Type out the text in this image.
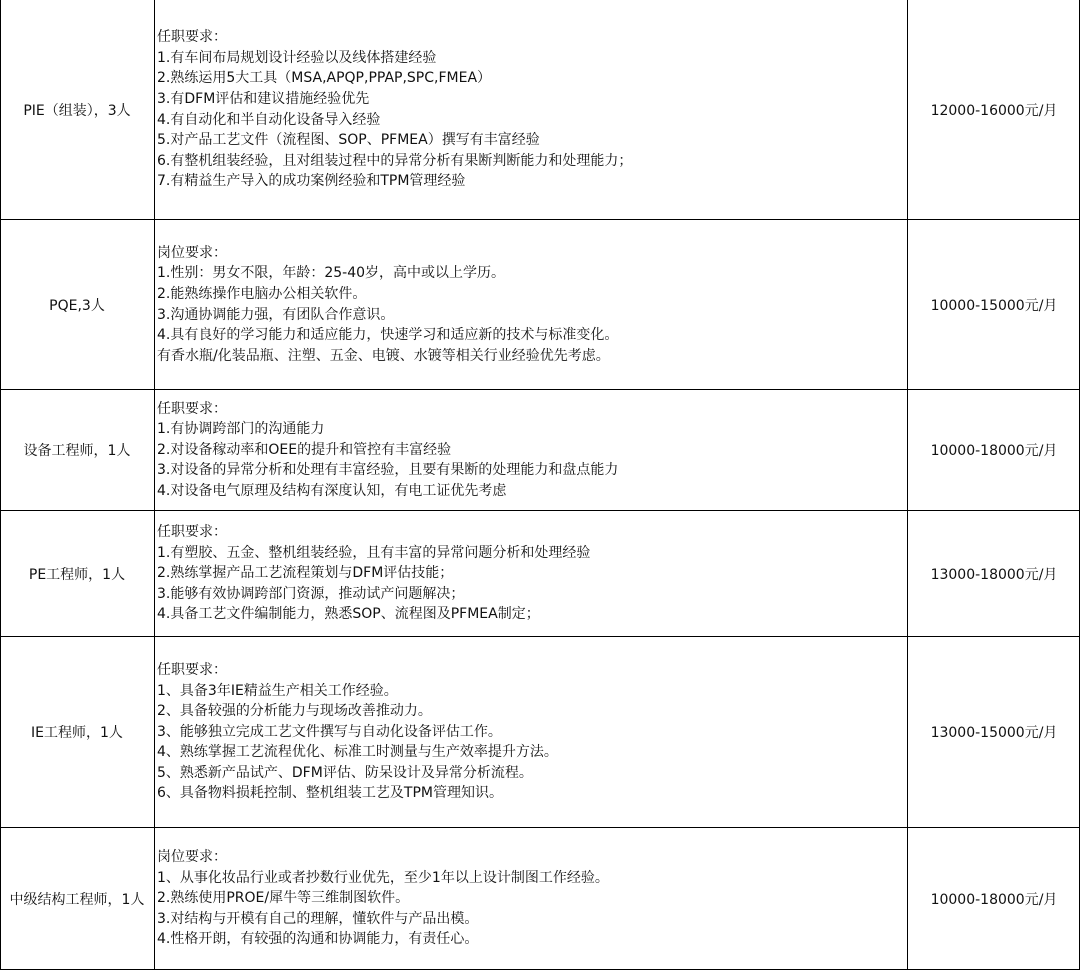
PIE（组装），3人
任职要求：
1.有车间布局规划设计经验以及线体搭建经验
2.熟练运用5大工具（MSA,APQP,PPAP,SPC,FMEA）
3.有DFM评估和建议措施经验优先
4.有自动化和半自动化设备导入经验
5.对产品工艺文件（流程图、SOP、PFMEA）撰写有丰富经验
6.有整机组装经验，且对组装过程中的异常分析有果断判断能力和处理能力；
7.有精益生产导入的成功案例经验和TPM管理经验
12000-16000元/月
PQE,3人
岗位要求：
1.性别：男女不限，年龄：25-40岁，高中或以上学历。
2.能熟练操作电脑办公相关软件。
3.沟通协调能力强，有团队合作意识。
4.具有良好的学习能力和适应能力，快速学习和适应新的技术与标准变化。
有香水瓶/化装品瓶、注塑、五金、电镀、水镀等相关行业经验优先考虑。
10000-15000元/月
设备工程师，1人
任职要求：
1.有协调跨部门的沟通能力
2.对设备稼动率和OEE的提升和管控有丰富经验
3.对设备的异常分析和处理有丰富经验，且要有果断的处理能力和盘点能力
4.对设备电气原理及结构有深度认知，有电工证优先考虑
10000-18000元/月
PE工程师，1人
任职要求：
1.有塑胶、五金、整机组装经验，且有丰富的异常问题分析和处理经验
2.熟练掌握产品工艺流程策划与DFM评估技能；
3.能够有效协调跨部门资源，推动试产问题解决；
4.具备工艺文件编制能力，熟悉SOP、流程图及PFMEA制定；
13000-18000元/月
IE工程师，1人
任职要求：
1、具备3年IE精益生产相关工作经验。
2、具备较强的分析能力与现场改善推动力。
3、能够独立完成工艺文件撰写与自动化设备评估工作。
4、熟练掌握工艺流程优化、标准工时测量与生产效率提升方法。
5、熟悉新产品试产、DFM评估、防呆设计及异常分析流程。
6、具备物料损耗控制、整机组装工艺及TPM管理知识。
13000-15000元/月
中级结构工程师，1人
岗位要求：
1、从事化妆品行业或者抄数行业优先，至少1年以上设计制图工作经验。
2.熟练使用PROE/犀牛等三维制图软件。
3.对结构与开模有自己的理解，懂软件与产品出模。
4.性格开朗，有较强的沟通和协调能力，有责任心。
10000-18000元/月
